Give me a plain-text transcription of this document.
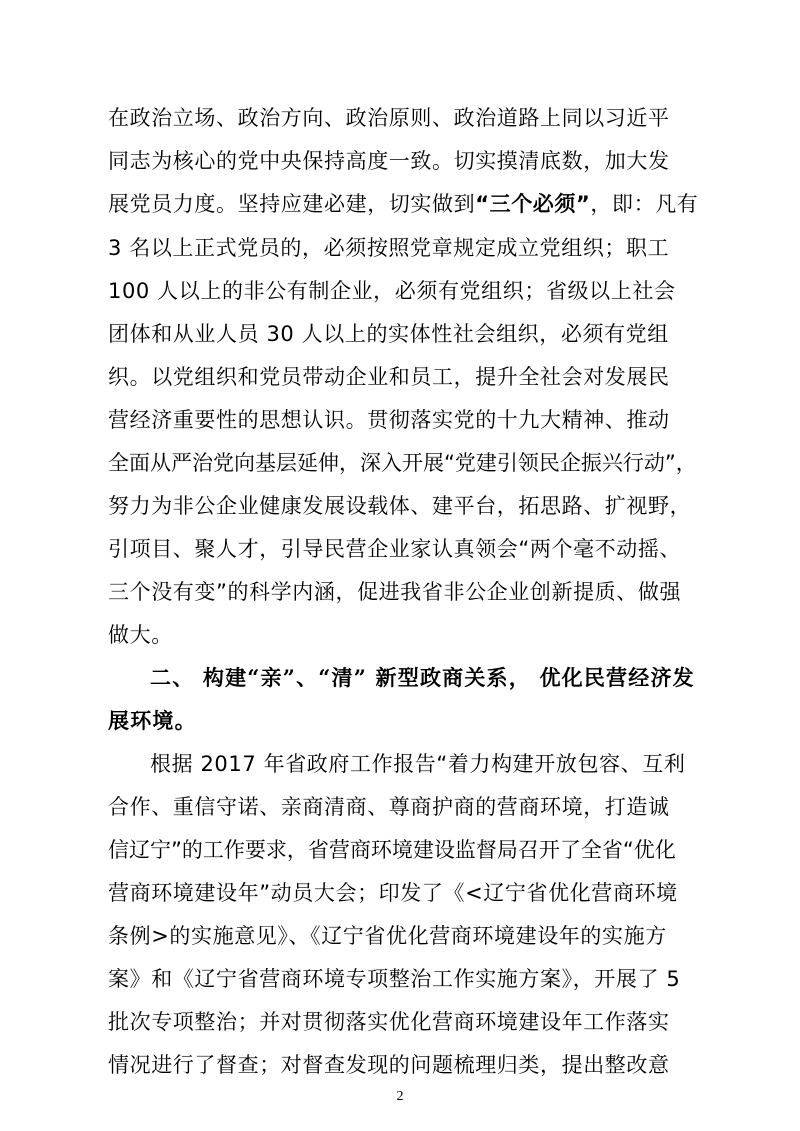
在政治立场、政治方向、政治原则、政治道路上同以习近平
同志为核心的党中央保持高度一致。切实摸清底数，加大发
展党员力度。坚持应建必建，切实做到“三个必须”，即：凡有
3 名以上正式党员的，必须按照党章规定成立党组织；职工
100 人以上的非公有制企业，必须有党组织；省级以上社会
团体和从业人员 30 人以上的实体性社会组织，必须有党组
织。以党组织和党员带动企业和员工，提升全社会对发展民
营经济重要性的思想认识。贯彻落实党的十九大精神、推动
全面从严治党向基层延伸，深入开展“党建引领民企振兴行动”，
努力为非公企业健康发展设载体、建平台，拓思路、扩视野，
引项目、聚人才，引导民营企业家认真领会“两个毫不动摇、
三个没有变”的科学内涵，促进我省非公企业创新提质、做强
做大。
二、 构建“亲”、“清” 新型政商关系， 优化民营经济发
展环境。
根据 2017 年省政府工作报告“着力构建开放包容、互利
合作、重信守诺、亲商清商、尊商护商的营商环境，打造诚
信辽宁”的工作要求，省营商环境建设监督局召开了全省“优化
营商环境建设年”动员大会；印发了《<辽宁省优化营商环境
条例>的实施意见》、《辽宁省优化营商环境建设年的实施方
案》和《辽宁省营商环境专项整治工作实施方案》，开展了 5
批次专项整治；并对贯彻落实优化营商环境建设年工作落实
情况进行了督查；对督查发现的问题梳理归类，提出整改意
2
